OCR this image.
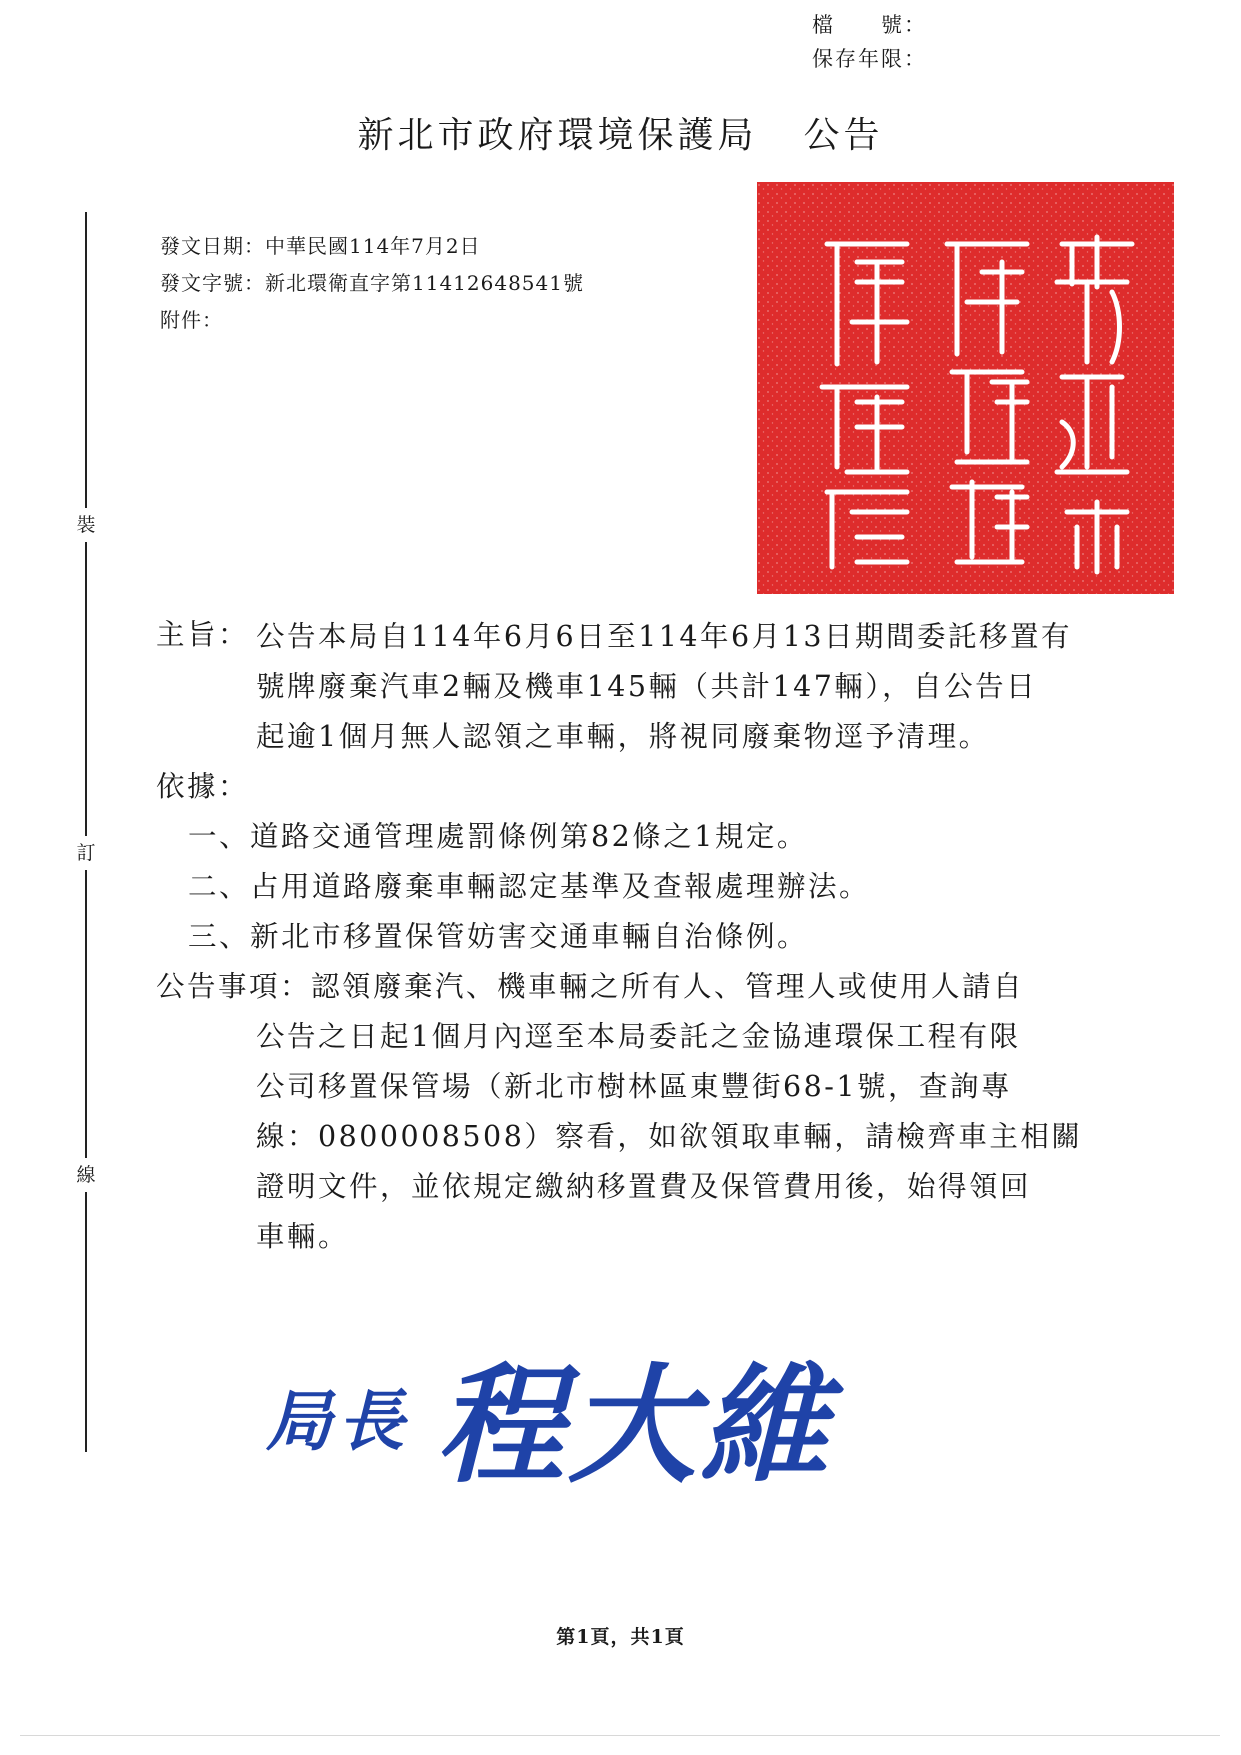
檔　　號：
保存年限：
新北市政府環境保護局 公告
裝
訂
線
發文日期：中華民國114年7月2日
發文字號：新北環衛直字第11412648541號
附件：
主旨： 公告本局自114年6月6日至114年6月13日期間委託移置有
號牌廢棄汽車2輛及機車145輛（共計147輛），自公告日
起逾1個月無人認領之車輛，將視同廢棄物逕予清理。
依據：
一、道路交通管理處罰條例第82條之1規定。
二、占用道路廢棄車輛認定基準及查報處理辦法。
三、新北市移置保管妨害交通車輛自治條例。
公告事項：認領廢棄汽、機車輛之所有人、管理人或使用人請自
公告之日起1個月內逕至本局委託之金協連環保工程有限
公司移置保管場（新北市樹林區東豐街68-1號，查詢專
線：0800008508）察看，如欲領取車輛，請檢齊車主相關
證明文件，並依規定繳納移置費及保管費用後，始得領回
車輛。
局長 程大維
第1頁，共1頁
